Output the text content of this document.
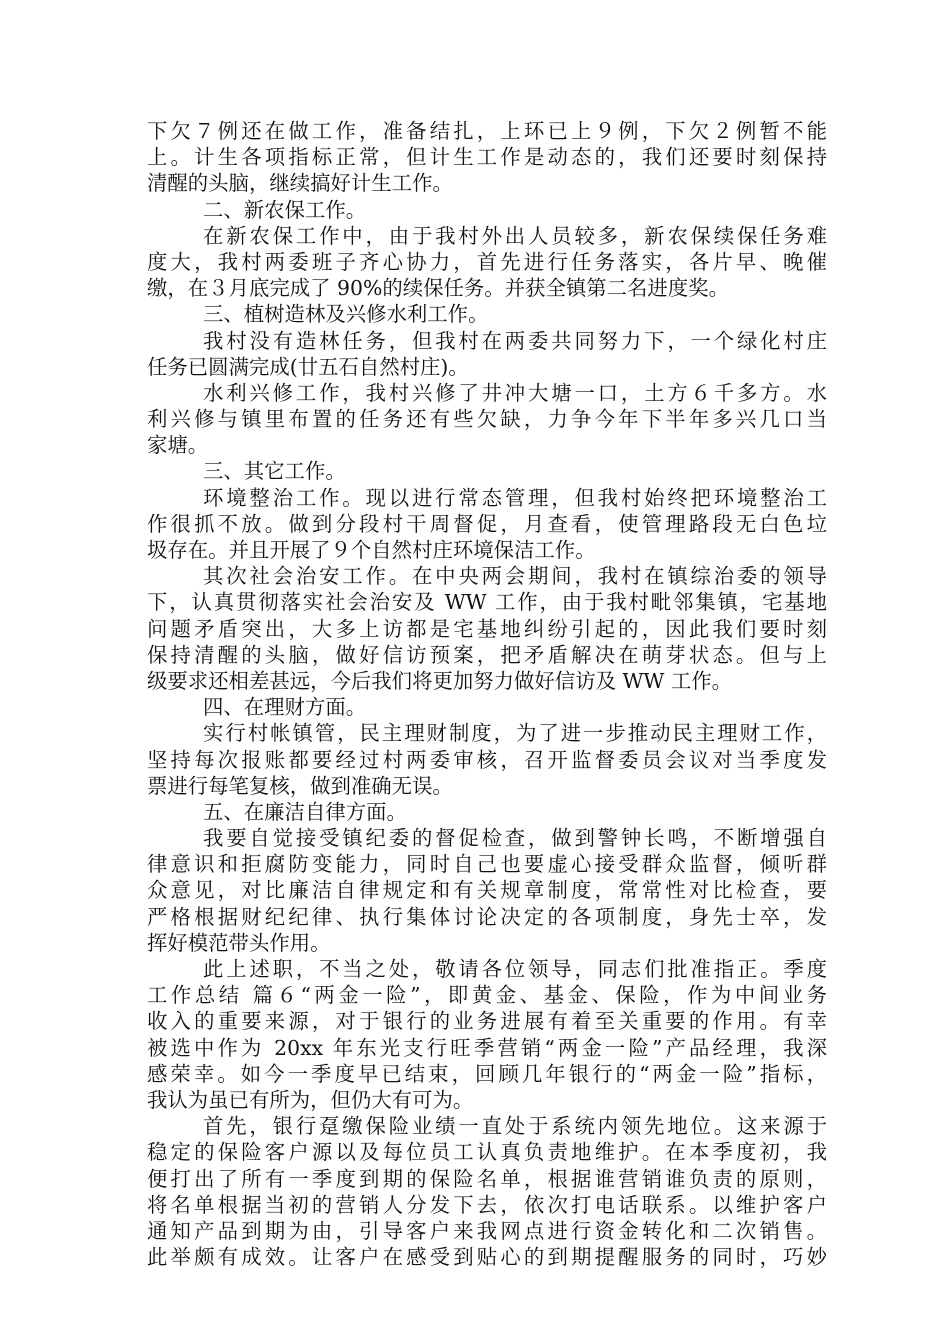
下欠７例还在做工作，准备结扎，上环已上９例，下欠２例暂不能
上。计生各项指标正常，但计生工作是动态的，我们还要时刻保持
清醒的头脑，继续搞好计生工作。
二、新农保工作。
在新农保工作中，由于我村外出人员较多，新农保续保任务难
度大，我村两委班子齐心协力，首先进行任务落实，各片早、晚催
缴，在３月底完成了 90%的续保任务。并获全镇第二名进度奖。
三、植树造林及兴修水利工作。
我村没有造林任务，但我村在两委共同努力下，一个绿化村庄
任务已圆满完成(廿五石自然村庄)。
水利兴修工作，我村兴修了井冲大塘一口，土方６千多方。水
利兴修与镇里布置的任务还有些欠缺，力争今年下半年多兴几口当
家塘。
三、其它工作。
环境整治工作。现以进行常态管理，但我村始终把环境整治工
作很抓不放。做到分段村干周督促，月查看，使管理路段无白色垃
圾存在。并且开展了９个自然村庄环境保洁工作。
其次社会治安工作。在中央两会期间，我村在镇综治委的领导
下，认真贯彻落实社会治安及 WW 工作，由于我村毗邻集镇，宅基地
问题矛盾突出，大多上访都是宅基地纠纷引起的，因此我们要时刻
保持清醒的头脑，做好信访预案，把矛盾解决在萌芽状态。但与上
级要求还相差甚远，今后我们将更加努力做好信访及 WW 工作。
四、在理财方面。
实行村帐镇管，民主理财制度，为了进一步推动民主理财工作，
坚持每次报账都要经过村两委审核，召开监督委员会议对当季度发
票进行每笔复核，做到准确无误。
五、在廉洁自律方面。
我要自觉接受镇纪委的督促检查，做到警钟长鸣，不断增强自
律意识和拒腐防变能力，同时自己也要虚心接受群众监督，倾听群
众意见，对比廉洁自律规定和有关规章制度，常常性对比检查，要
严格根据财纪纪律、执行集体讨论决定的各项制度，身先士卒，发
挥好模范带头作用。
此上述职，不当之处，敬请各位领导，同志们批准指正。季度
工作总结 篇６“两金一险”，即黄金、基金、保险，作为中间业务
收入的重要来源，对于银行的业务进展有着至关重要的作用。有幸
被选中作为 20xx 年东光支行旺季营销“两金一险”产品经理，我深
感荣幸。如今一季度早已结束，回顾几年银行的“两金一险”指标，
我认为虽已有所为，但仍大有可为。
首先，银行趸缴保险业绩一直处于系统内领先地位。这来源于
稳定的保险客户源以及每位员工认真负责地维护。在本季度初，我
便打出了所有一季度到期的保险名单，根据谁营销谁负责的原则，
将名单根据当初的营销人分发下去，依次打电话联系。以维护客户
通知产品到期为由，引导客户来我网点进行资金转化和二次销售。
此举颇有成效。让客户在感受到贴心的到期提醒服务的同时，巧妙
